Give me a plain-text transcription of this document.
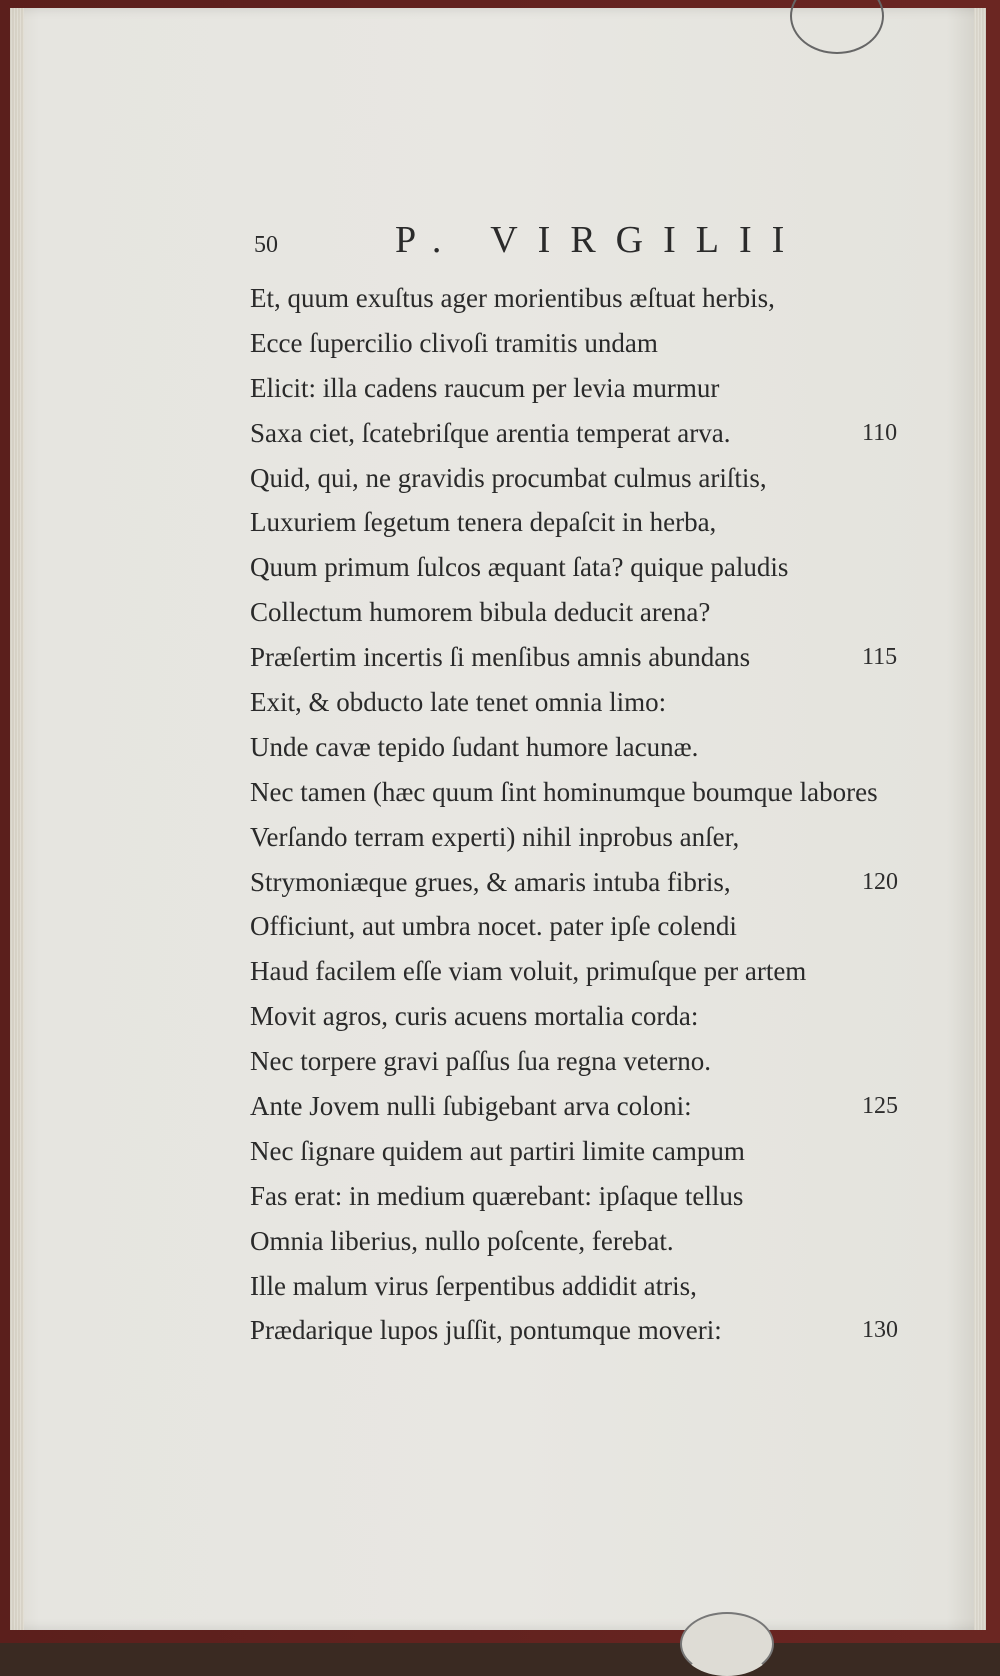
50	P. VIRGILII
Et, quum exuſtus ager morientibus æſtuat herbis,
Ecce ſupercilio clivoſi tramitis undam
Elicit: illa cadens raucum per levia murmur
Saxa ciet, ſcatebriſque arentia temperat arva.	110
Quid, qui, ne gravidis procumbat culmus ariſtis,
Luxuriem ſegetum tenera depaſcit in herba,
Quum primum ſulcos æquant ſata? quique paludis
Collectum humorem bibula deducit arena?
Præſertim incertis ſi menſibus amnis abundans	115
Exit, & obducto late tenet omnia limo:
Unde cavæ tepido ſudant humore lacunæ.
Nec tamen (hæc quum ſint hominumque boumque labores
Verſando terram experti) nihil inprobus anſer,
Strymoniæque grues, & amaris intuba fibris,	120
Officiunt, aut umbra nocet. pater ipſe colendi
Haud facilem eſſe viam voluit, primuſque per artem
Movit agros, curis acuens mortalia corda:
Nec torpere gravi paſſus ſua regna veterno.
Ante Jovem nulli ſubigebant arva coloni:	125
Nec ſignare quidem aut partiri limite campum
Fas erat: in medium quærebant: ipſaque tellus
Omnia liberius, nullo poſcente, ferebat.
Ille malum virus ſerpentibus addidit atris,
Prædarique lupos juſſit, pontumque moveri:	130
